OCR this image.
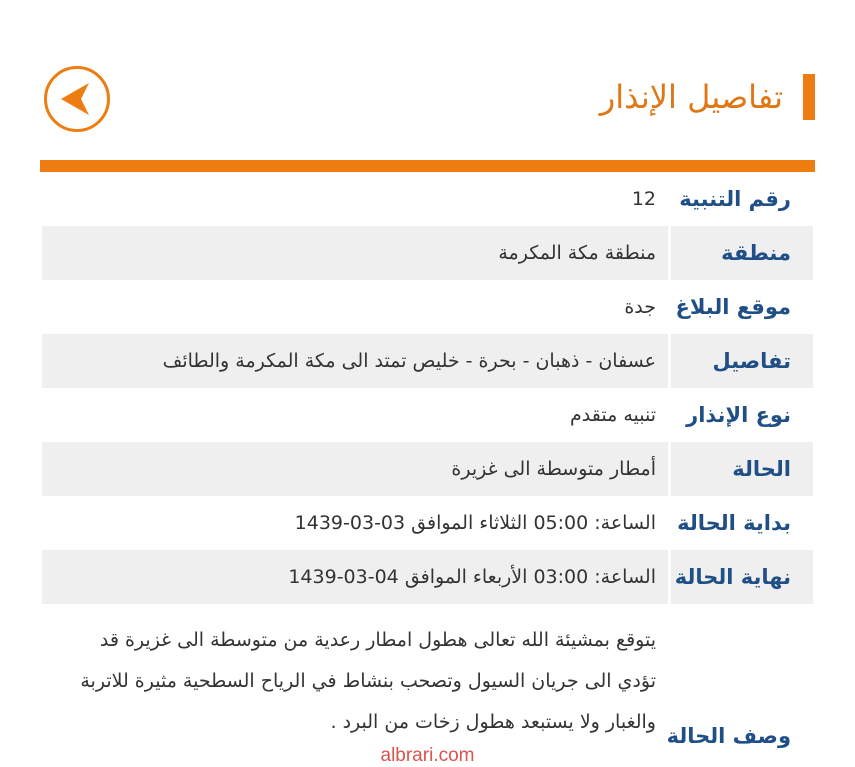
تفاصيل الإنذار
رقم التنبية
12
منطقة
منطقة مكة المكرمة
موقع البلاغ
جدة
تفاصيل
عسفان - ذهبان - بحرة - خليص تمتد الى مكة المكرمة والطائف
نوع الإنذار
تنبيه متقدم
الحالة
أمطار متوسطة الى غزيرة
بداية الحالة
الساعة: 05:00 الثلاثاء الموافق 03-03-1439
نهاية الحالة
الساعة: 03:00 الأربعاء الموافق 04-03-1439
وصف الحالة
يتوقع بمشيئة الله تعالى هطول امطار رعدية من متوسطة الى غزيرة قد تؤدي الى جريان السيول وتصحب بنشاط في الرياح السطحية مثيرة للاتربة والغبار ولا يستبعد هطول زخات من البرد .
albrari.com
